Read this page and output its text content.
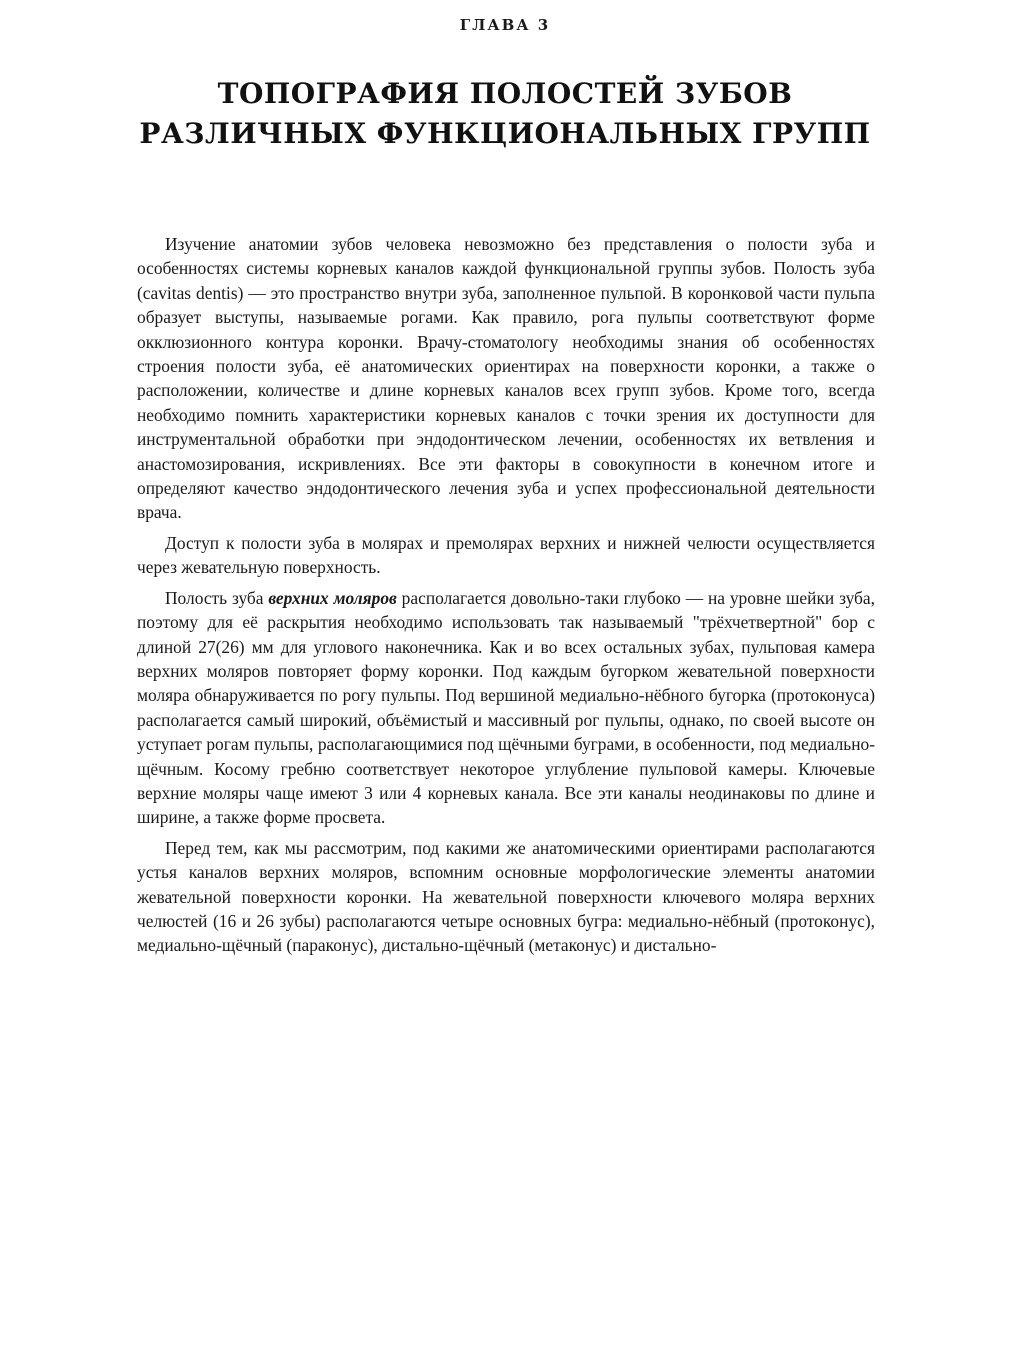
ГЛАВА 3
ТОПОГРАФИЯ ПОЛОСТЕЙ ЗУБОВ
РАЗЛИЧНЫХ ФУНКЦИОНАЛЬНЫХ ГРУПП

Изучение анатомии зубов человека невозможно без представления о полости зуба и особенностях системы корневых каналов каждой функциональной группы зубов. Полость зуба (cavitas dentis) — это пространство внутри зуба, заполненное пульпой. В коронковой части пульпа образует выступы, называемые рогами. Как правило, рога пульпы соответствуют форме окклюзионного контура коронки. Врачу-стоматологу необходимы знания об особенностях строения полости зуба, её анатомических ориентирах на поверхности коронки, а также о расположении, количестве и длине корневых каналов всех групп зубов. Кроме того, всегда необходимо помнить характеристики корневых каналов с точки зрения их доступности для инструментальной обработки при эндодонтическом лечении, особенностях их ветвления и анастомозирования, искривлениях. Все эти факторы в совокупности в конечном итоге и определяют качество эндодонтического лечения зуба и успех профессиональной деятельности врача.

Доступ к полости зуба в молярах и премолярах верхних и нижней челюсти осуществляется через жевательную поверхность.

Полость зуба верхних моляров располагается довольно-таки глубоко — на уровне шейки зуба, поэтому для её раскрытия необходимо использовать так называемый "трёхчетвертной" бор с длиной 27(26) мм для углового наконечника. Как и во всех остальных зубах, пульповая камера верхних моляров повторяет форму коронки. Под каждым бугорком жевательной поверхности моляра обнаруживается по рогу пульпы. Под вершиной медиально-нёбного бугорка (протоконуса) располагается самый широкий, объёмистый и массивный рог пульпы, однако, по своей высоте он уступает рогам пульпы, располагающимися под щёчными буграми, в особенности, под медиально-щёчным. Косому гребню соответствует некоторое углубление пульповой камеры. Ключевые верхние моляры чаще имеют 3 или 4 корневых канала. Все эти каналы неодинаковы по длине и ширине, а также форме просвета.

Перед тем, как мы рассмотрим, под какими же анатомическими ориентирами располагаются устья каналов верхних моляров, вспомним основные морфологические элементы анатомии жевательной поверхности коронки. На жевательной поверхности ключевого моляра верхних челюстей (16 и 26 зубы) располагаются четыре основных бугра: медиально-нёбный (протоконус), медиально-щёчный (параконус), дистально-щёчный (метаконус) и дистально-
